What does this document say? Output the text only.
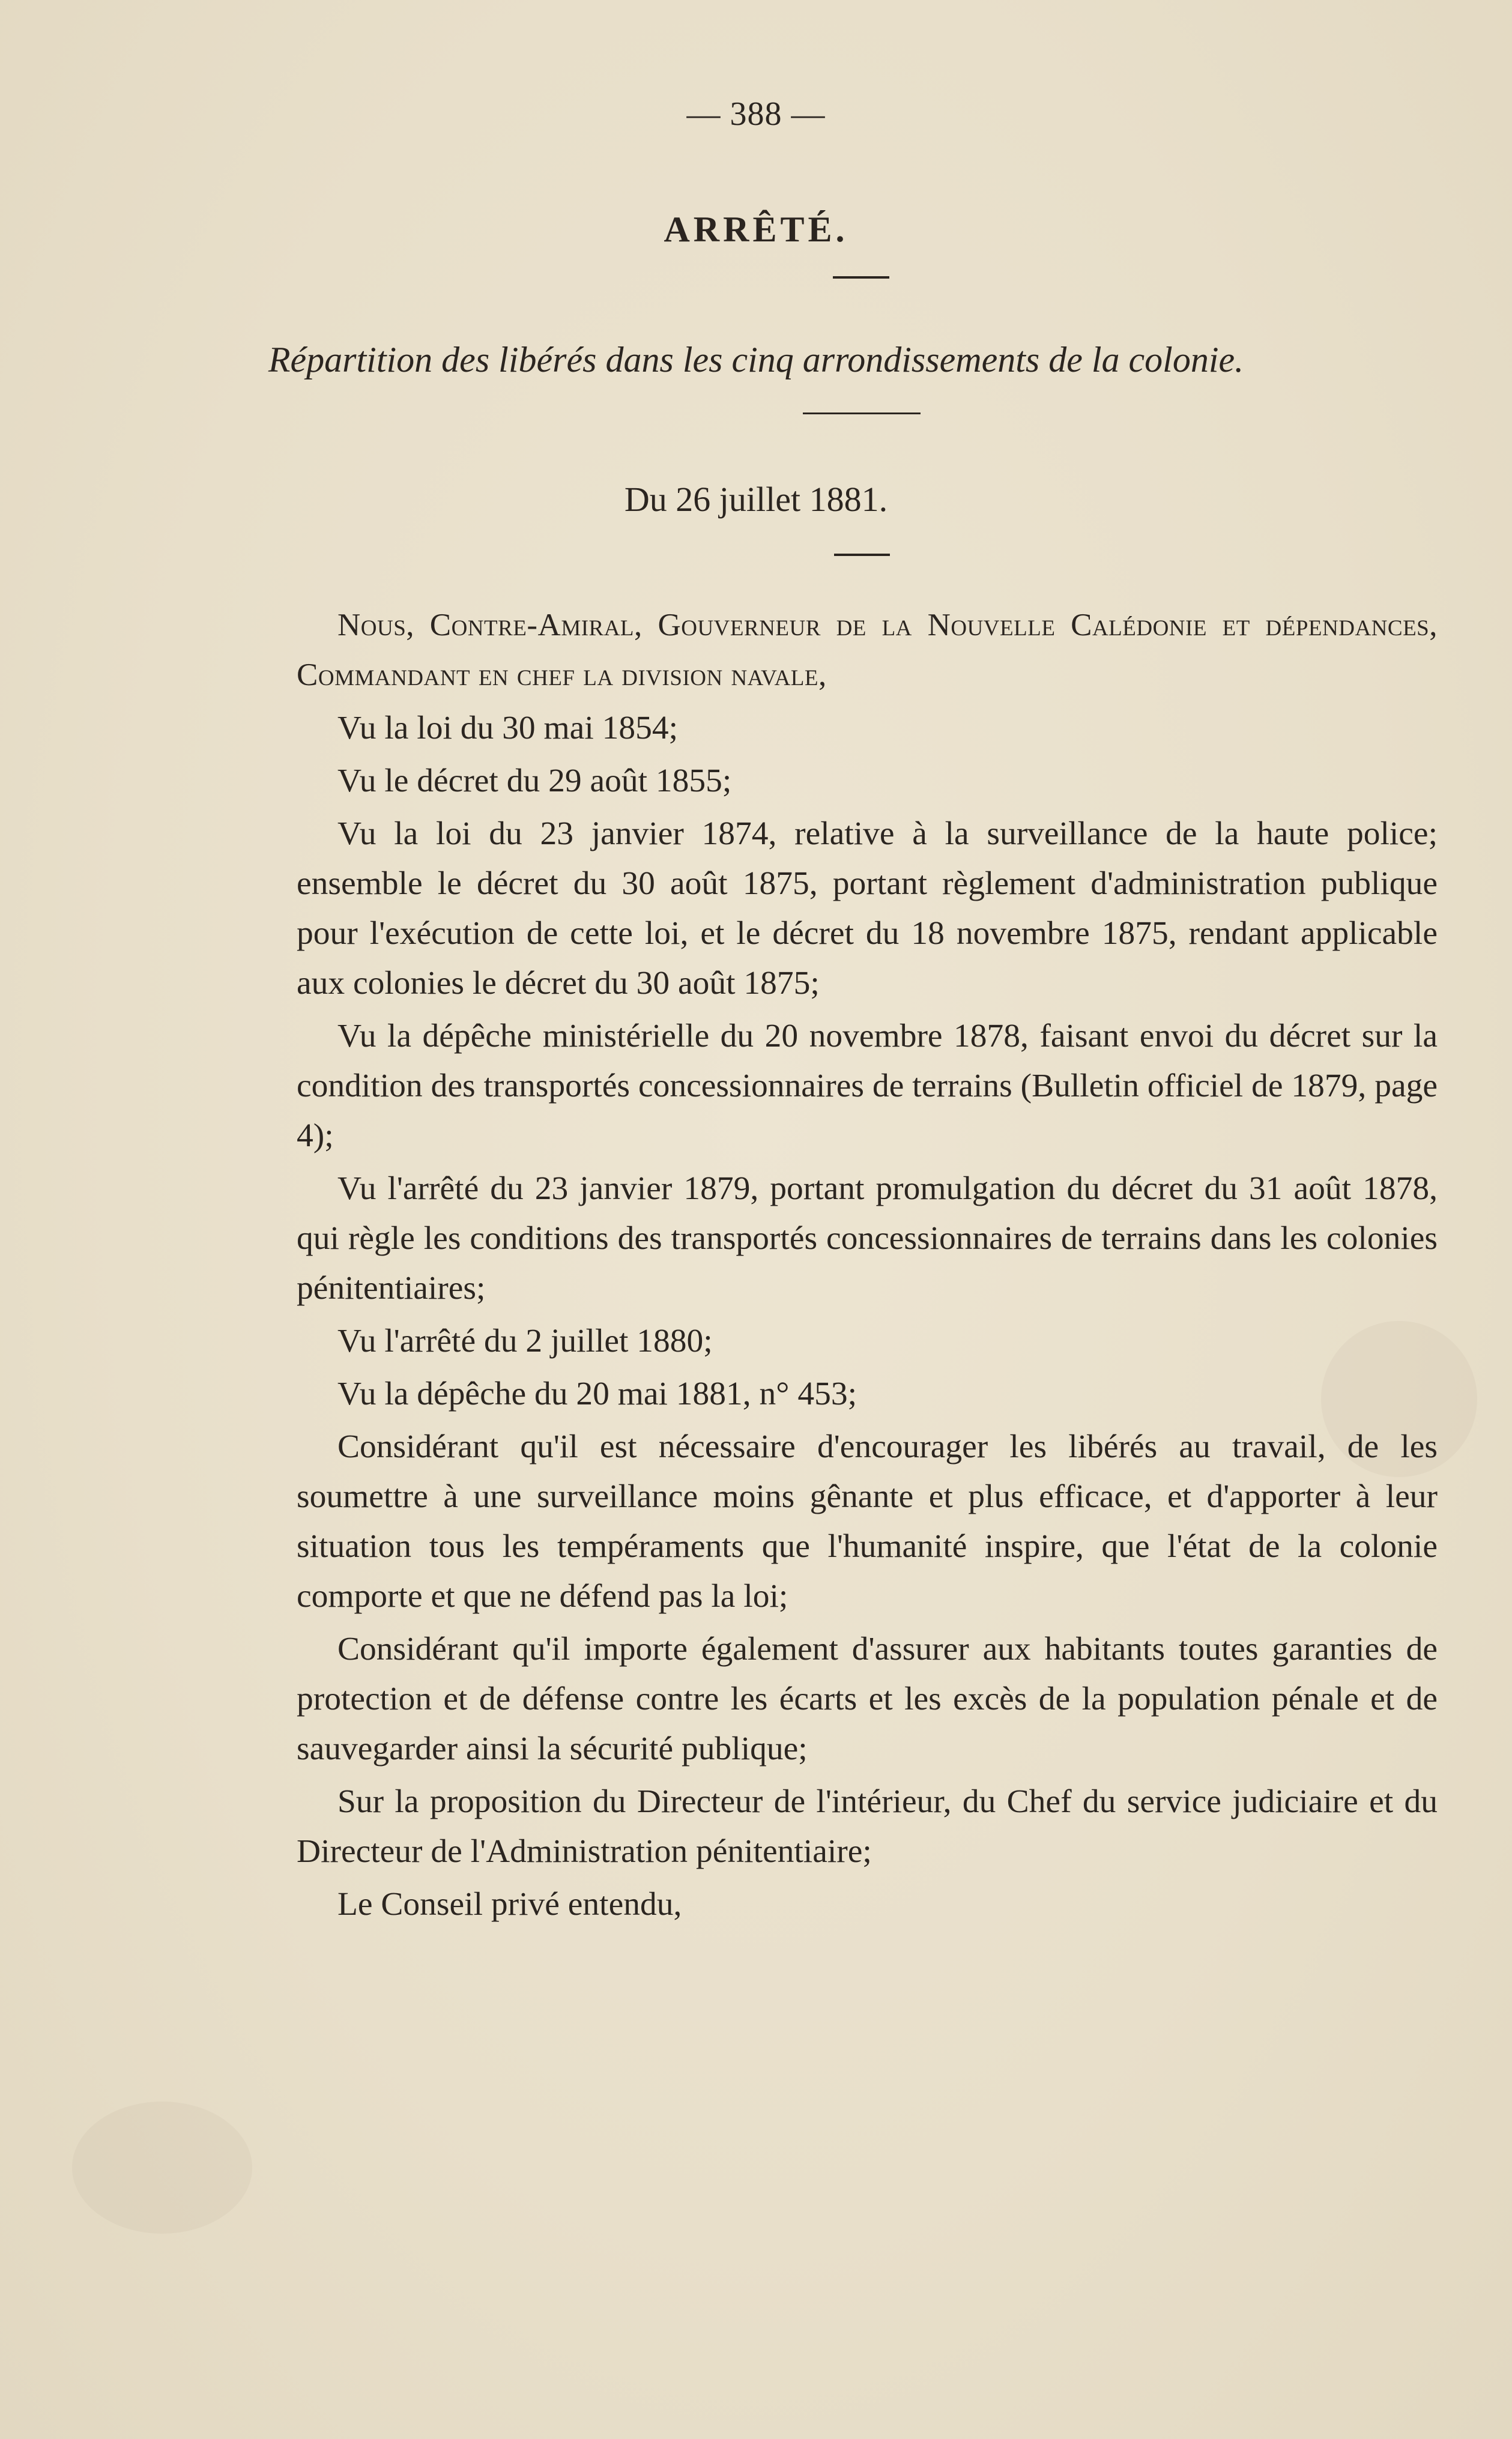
— 388 —
ARRÊTÉ.
Répartition des libérés dans les cinq arrondissements de la colonie.
Du 26 juillet 1881.

Nous, Contre-Amiral, Gouverneur de la Nouvelle Calédonie et dépendances, Commandant en chef la division navale,

Vu la loi du 30 mai 1854;

Vu le décret du 29 août 1855;

Vu la loi du 23 janvier 1874, relative à la surveillance de la haute police; ensemble le décret du 30 août 1875, portant règlement d'administration publique pour l'exécution de cette loi, et le décret du 18 novembre 1875, rendant applicable aux colonies le décret du 30 août 1875;

Vu la dépêche ministérielle du 20 novembre 1878, faisant envoi du décret sur la condition des transportés concessionnaires de terrains (Bulletin officiel de 1879, page 4);

Vu l'arrêté du 23 janvier 1879, portant promulgation du décret du 31 août 1878, qui règle les conditions des transportés concessionnaires de terrains dans les colonies pénitentiaires;

Vu l'arrêté du 2 juillet 1880;

Vu la dépêche du 20 mai 1881, n° 453;

Considérant qu'il est nécessaire d'encourager les libérés au travail, de les soumettre à une surveillance moins gênante et plus efficace, et d'apporter à leur situation tous les tempéraments que l'humanité inspire, que l'état de la colonie comporte et que ne défend pas la loi;

Considérant qu'il importe également d'assurer aux habitants toutes garanties de protection et de défense contre les écarts et les excès de la population pénale et de sauvegarder ainsi la sécurité publique;

Sur la proposition du Directeur de l'intérieur, du Chef du service judiciaire et du Directeur de l'Administration pénitentiaire;

Le Conseil privé entendu,
